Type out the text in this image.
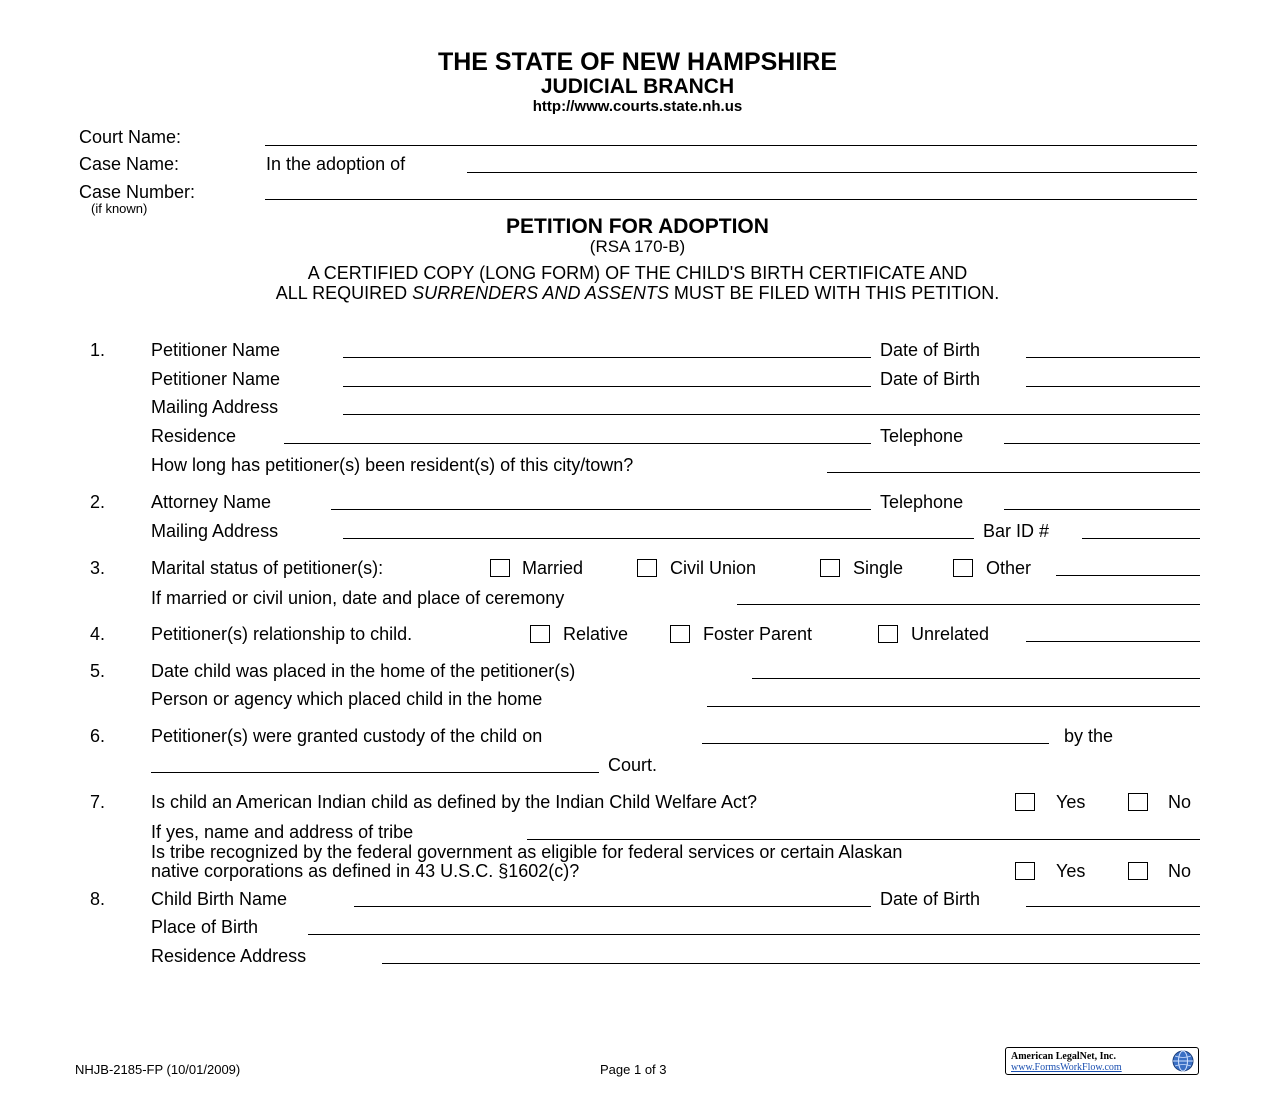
THE STATE OF NEW HAMPSHIRE
JUDICIAL BRANCH
http://www.courts.state.nh.us
Court Name:
Case Name:	In the adoption of
Case Number:
(if known)
PETITION FOR ADOPTION
(RSA 170-B)
A CERTIFIED COPY (LONG FORM) OF THE CHILD'S BIRTH CERTIFICATE AND
ALL REQUIRED SURRENDERS AND ASSENTS MUST BE FILED WITH THIS PETITION.
1.	Petitioner Name	Date of Birth
Petitioner Name	Date of Birth
Mailing Address
Residence	Telephone
How long has petitioner(s) been resident(s) of this city/town?
2.	Attorney Name	Telephone
Mailing Address	Bar ID #
3.	Marital status of petitioner(s):	Married	Civil Union	Single	Other
If married or civil union, date and place of ceremony
4.	Petitioner(s) relationship to child.	Relative	Foster Parent	Unrelated
5.	Date child was placed in the home of the petitioner(s)
Person or agency which placed child in the home
6.	Petitioner(s) were granted custody of the child on	by the
Court.
7.	Is child an American Indian child as defined by the Indian Child Welfare Act?	Yes	No
If yes, name and address of tribe
Is tribe recognized by the federal government as eligible for federal services or certain Alaskan
native corporations as defined in 43 U.S.C. §1602(c)?	Yes	No
8.	Child Birth Name	Date of Birth
Place of Birth
Residence Address
NHJB-2185-FP (10/01/2009)	Page 1 of 3
American LegalNet, Inc.
www.FormsWorkFlow.com
